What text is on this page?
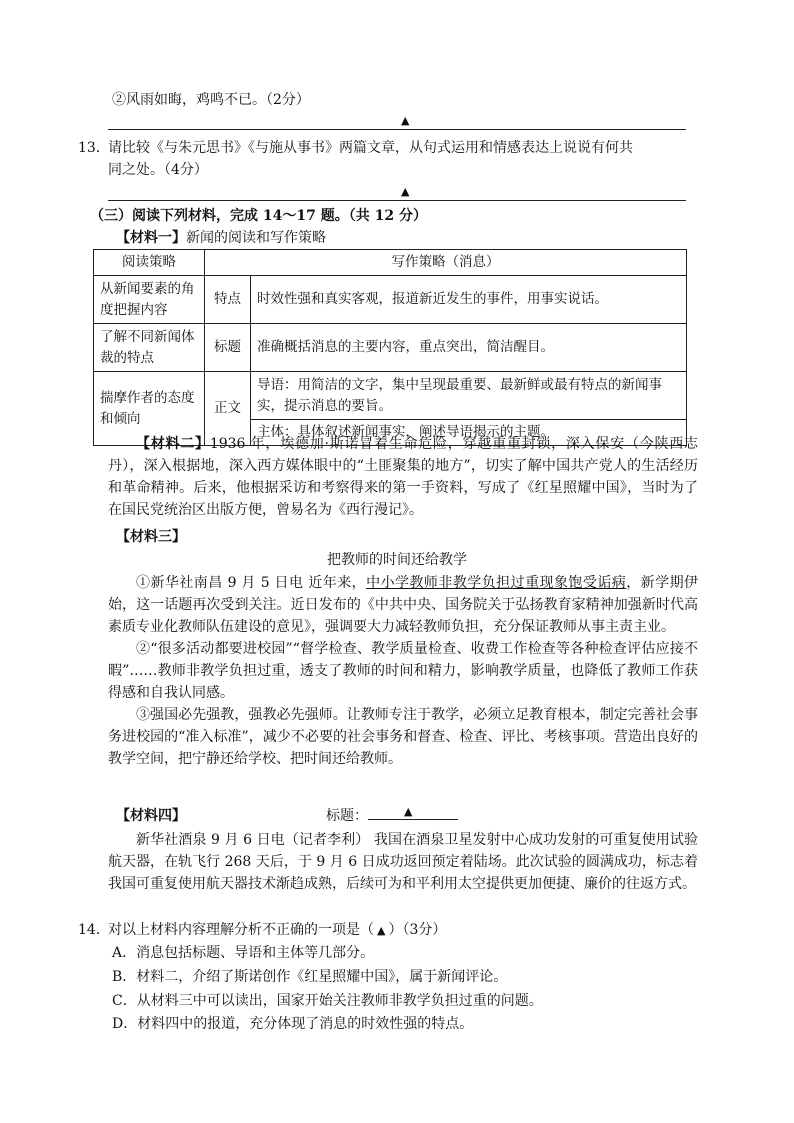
②风雨如晦，鸡鸣不已。（2分）
▲
13．
请比较《与朱元思书》《与施从事书》两篇文章，从句式运用和情感表达上说说有何共
同之处。（4分）
▲
（三）阅读下列材料，完成 14～17 题。（共 12 分）
【材料一】新闻的阅读和写作策略
阅读策略	写作策略（消息）	
从新闻要素的角度把握内容	特点	时效性强和真实客观，报道新近发生的事件，用事实说话。
了解不同新闻体裁的特点	标题	准确概括消息的主要内容，重点突出，简洁醒目。
揣摩作者的态度和倾向	正文	导语：用简洁的文字，集中呈现最重要、最新鲜或最有特点的新闻事实，提示消息的要旨。
		主体：具体叙述新闻事实，阐述导语揭示的主题。

【材料二】1936 年，埃德加·斯诺冒着生命危险，穿越重重封锁，深入保安（今陕西志丹），深入根据地，深入西方媒体眼中的“土匪聚集的地方”，切实了解中国共产党人的生活经历和革命精神。后来，他根据采访和考察得来的第一手资料，写成了《红星照耀中国》，当时为了在国民党统治区出版方便，曾易名为《西行漫记》。

【材料三】
把教师的时间还给教学

①新华社南昌 9 月 5 日电 近年来，中小学教师非教学负担过重现象饱受诟病，新学期伊始，这一话题再次受到关注。近日发布的《中共中央、国务院关于弘扬教育家精神加强新时代高素质专业化教师队伍建设的意见》，强调要大力减轻教师负担，充分保证教师从事主责主业。

②“很多活动都要进校园”“督学检查、教学质量检查、收费工作检查等各种检查评估应接不暇”……教师非教学负担过重，透支了教师的时间和精力，影响教学质量，也降低了教师工作获得感和自我认同感。

③强国必先强教，强教必先强师。让教师专注于教学，必须立足教育根本，制定完善社会事务进校园的“准入标准”，减少不必要的社会事务和督查、检查、评比、考核事项。营造出良好的教学空间，把宁静还给学校、把时间还给教师。

【材料四】	标题：	▲

新华社酒泉 9 月 6 日电（记者李利） 我国在酒泉卫星发射中心成功发射的可重复使用试验航天器，在轨飞行 268 天后，于 9 月 6 日成功返回预定着陆场。此次试验的圆满成功，标志着我国可重复使用航天器技术渐趋成熟，后续可为和平利用太空提供更加便捷、廉价的往返方式。

14．
对以上材料内容理解分析不正确的一项是（ ▲ ）（3分）
A．消息包括标题、导语和主体等几部分。
B．材料二，介绍了斯诺创作《红星照耀中国》，属于新闻评论。
C．从材料三中可以读出，国家开始关注教师非教学负担过重的问题。
D．材料四中的报道，充分体现了消息的时效性强的特点。
